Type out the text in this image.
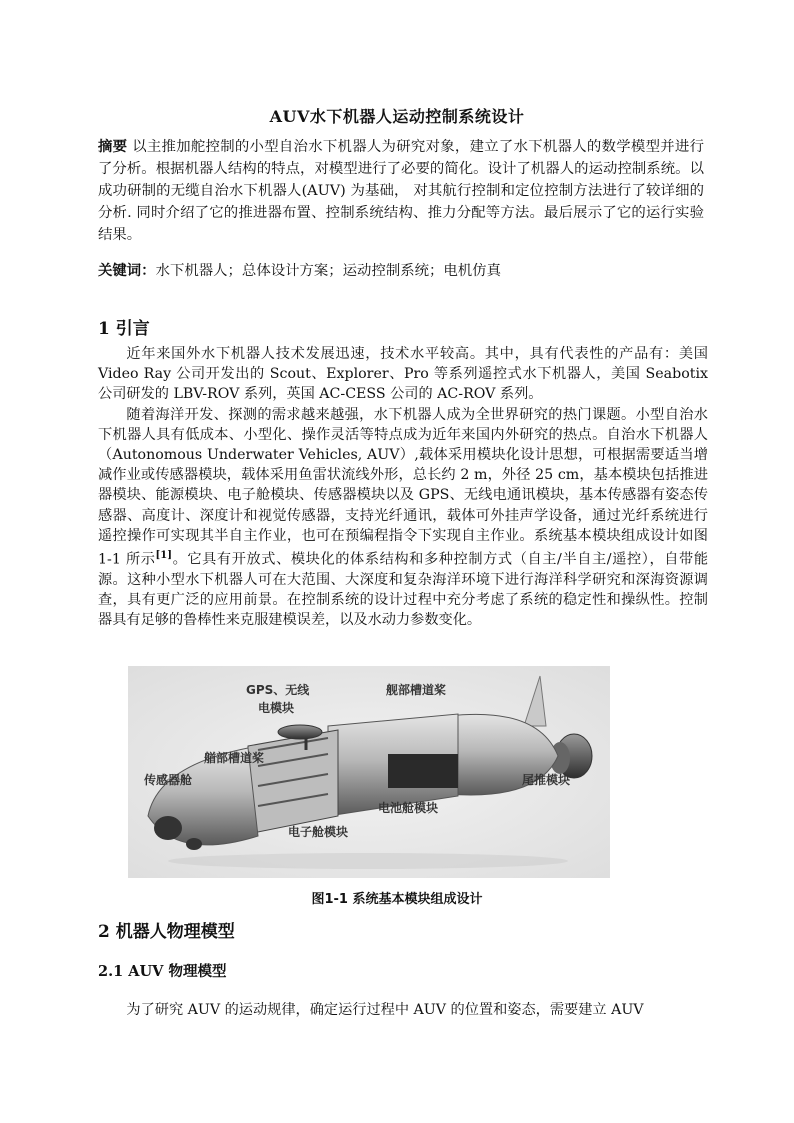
AUV水下机器人运动控制系统设计
摘要 以主推加舵控制的小型自治水下机器人为研究对象，建立了水下机器人的数学模型并进行了分析。根据机器人结构的特点，对模型进行了必要的简化。设计了机器人的运动控制系统。以成功研制的无缆自治水下机器人(AUV) 为基础， 对其航行控制和定位控制方法进行了较详细的分析. 同时介绍了它的推进器布置、控制系统结构、推力分配等方法。最后展示了它的运行实验结果。
关键词：水下机器人；总体设计方案；运动控制系统；电机仿真
1 引言

近年来国外水下机器人技术发展迅速，技术水平较高。其中，具有代表性的产品有：美国 Video Ray 公司开发出的 Scout、Explorer、Pro 等系列遥控式水下机器人，美国 Seabotix 公司研发的 LBV-ROV 系列，英国 AC-CESS 公司的 AC-ROV 系列。

随着海洋开发、探测的需求越来越强，水下机器人成为全世界研究的热门课题。小型自治水下机器人具有低成本、小型化、操作灵活等特点成为近年来国内外研究的热点。自治水下机器人（Autonomous Underwater Vehicles, AUV）,载体采用模块化设计思想，可根据需要适当增减作业或传感器模块，载体采用鱼雷状流线外形，总长约 2 m，外径 25 cm，基本模块包括推进器模块、能源模块、电子舱模块、传感器模块以及 GPS、无线电通讯模块，基本传感器有姿态传感器、高度计、深度计和视觉传感器，支持光纤通讯，载体可外挂声学设备，通过光纤系统进行遥控操作可实现其半自主作业，也可在预编程指令下实现自主作业。系统基本模块组成设计如图 1-1 所示[1]。它具有开放式、模块化的体系结构和多种控制方式（自主/半自主/遥控），自带能源。这种小型水下机器人可在大范围、大深度和复杂海洋环境下进行海洋科学研究和深海资源调查，具有更广泛的应用前景。在控制系统的设计过程中充分考虑了系统的稳定性和操纵性。控制器具有足够的鲁棒性来克服建模误差，以及水动力参数变化。

GPS、无线
电模块
舰部槽道桨
艏部槽道桨
传感器舱	尾推模块
电池舱模块
电子舱模块
图1-1 系统基本模块组成设计
2 机器人物理模型
2.1 AUV 物理模型

为了研究 AUV 的运动规律，确定运行过程中 AUV 的位置和姿态，需要建立 AUV
